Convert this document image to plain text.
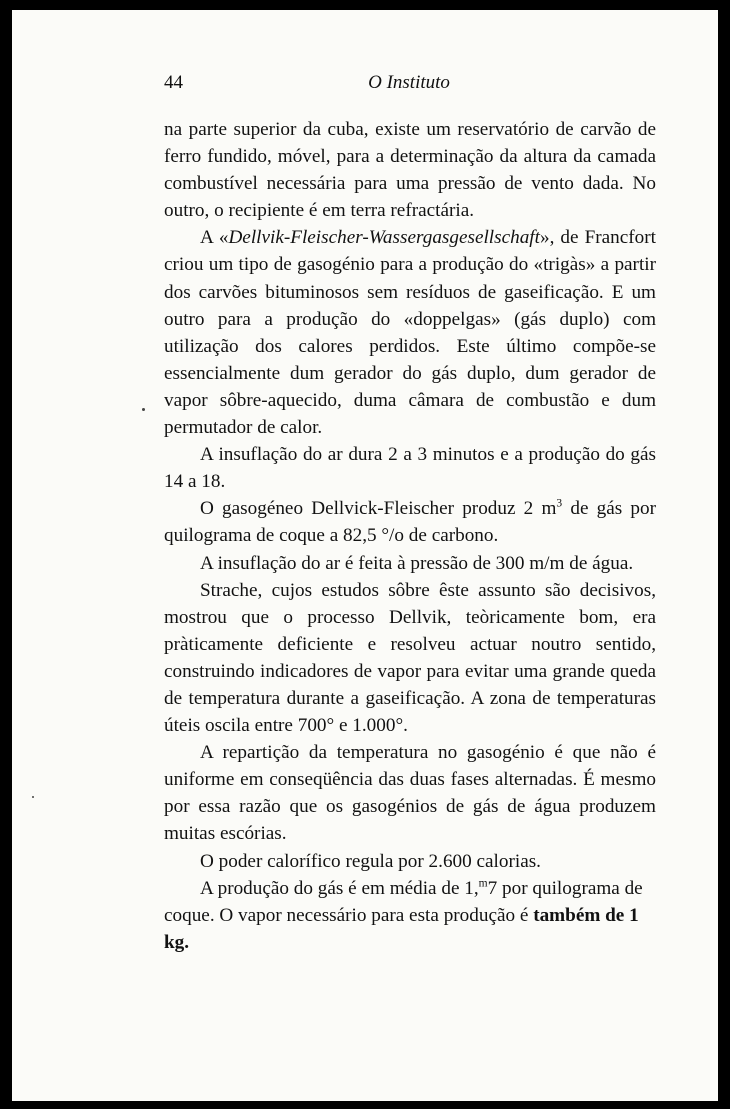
44	O Instituto

na parte superior da cuba, existe um reservatório de carvão de ferro fundido, móvel, para a determinação da altura da camada combustível necessária para uma pressão de vento dada. No outro, o recipiente é em terra refractária.

A «Dellvik-Fleischer-Wassergasgesellschaft», de Francfort criou um tipo de gasogénio para a produção do «trigàs» a partir dos carvões bituminosos sem resíduos de gaseificação. E um outro para a produção do «doppelgas» (gás duplo) com utilização dos calores perdidos. Este último compõe-se essencialmente dum gerador do gás duplo, dum gerador de vapor sôbre-aquecido, duma câmara de combustão e dum permutador de calor.

A insuflação do ar dura 2 a 3 minutos e a produção do gás 14 a 18.

O gasogéneo Dellvick-Fleischer produz 2 $m^3$ de gás por quilograma de coque a 82,5 °/o de carbono.

A insuflação do ar é feita à pressão de 300 m/m de água.

Strache, cujos estudos sôbre êste assunto são decisivos, mostrou que o processo Dellvik, teòricamente bom, era pràticamente deficiente e resolveu actuar noutro sentido, construindo indicadores de vapor para evitar uma grande queda de temperatura durante a gaseificação. A zona de temperaturas úteis oscila entre 700° e 1.000°.

A repartição da temperatura no gasogénio é que não é uniforme em conseqüência das duas fases alternadas. É mesmo por essa razão que os gasogénios de gás de água produzem muitas escórias.

O poder calorífico regula por 2.600 calorias.

A produção do gás é em média de 1,$^m$7 por quilograma de coque. O vapor necessário para esta produção é também de 1 kg.
